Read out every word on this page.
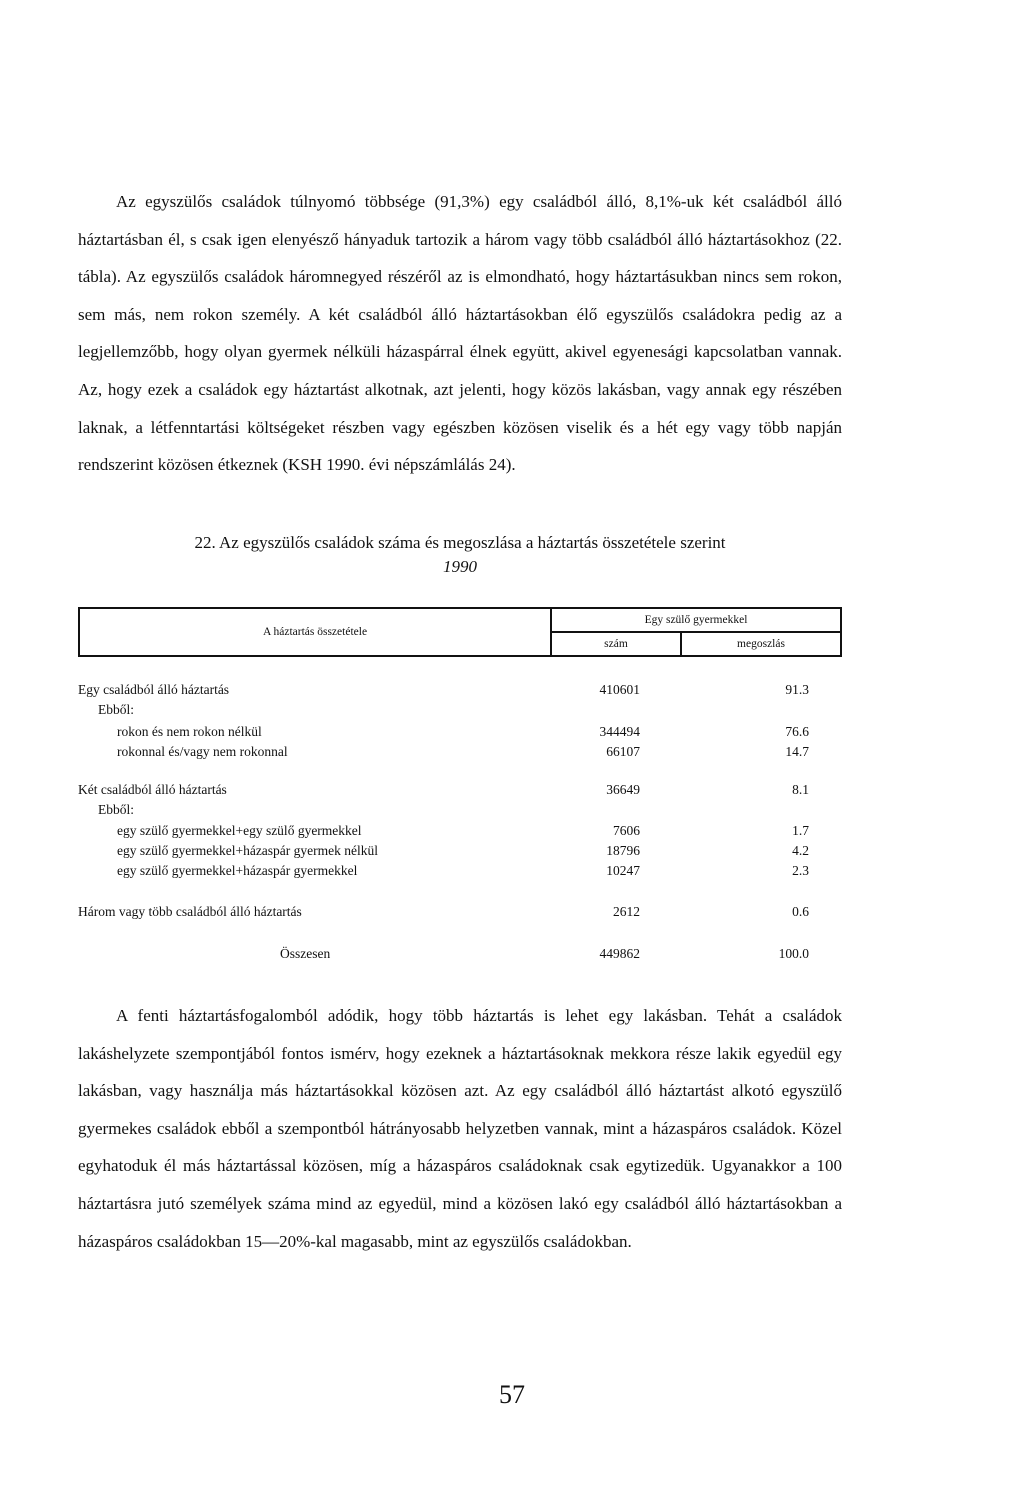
Az egyszülős családok túlnyomó többsége (91,3%) egy családból álló, 8,1%-uk két családból álló háztartásban él, s csak igen elenyésző hányaduk tartozik a három vagy több családból álló háztartásokhoz (22. tábla). Az egyszülős családok háromnegyed részéről az is elmondható, hogy háztartásukban nincs sem rokon, sem más, nem rokon személy. A két családból álló háztartásokban élő egyszülős családokra pedig az a legjellemzőbb, hogy olyan gyermek nélküli házaspárral élnek együtt, akivel egyenesági kapcsolatban vannak. Az, hogy ezek a családok egy háztartást alkotnak, azt jelenti, hogy közös lakásban, vagy annak egy részében laknak, a létfenntartási költségeket részben vagy egészben közösen viselik és a hét egy vagy több napján rendszerint közösen étkeznek (KSH 1990. évi népszámlálás 24).

22. Az egyszülős családok száma és megoszlása a háztartás összetétele szerint
1990
A háztartás összetétele
Egy szülő gyermekkel
szám	megoszlás
Egy családból álló háztartás	410601	91.3
Ebből:
rokon és nem rokon nélkül	344494	76.6
rokonnal és/vagy nem rokonnal	66107	14.7
Két családból álló háztartás	36649	8.1
Ebből:
egy szülő gyermekkel+egy szülő gyermekkel	7606	1.7
egy szülő gyermekkel+házaspár gyermek nélkül	18796	4.2
egy szülő gyermekkel+házaspár gyermekkel	10247	2.3
Három vagy több családból álló háztartás	2612	0.6
Összesen	449862	100.0

A fenti háztartásfogalomból adódik, hogy több háztartás is lehet egy lakásban. Tehát a családok lakáshelyzete szempontjából fontos ismérv, hogy ezeknek a háztartásoknak mekkora része lakik egyedül egy lakásban, vagy használja más háztartásokkal közösen azt. Az egy családból álló háztartást alkotó egyszülő gyermekes családok ebből a szempontból hátrányosabb helyzetben vannak, mint a házaspáros családok. Közel egyhatoduk él más háztartással közösen, míg a házaspáros családoknak csak egytizedük. Ugyanakkor a 100 háztartásra jutó személyek száma mind az egyedül, mind a közösen lakó egy családból álló háztartásokban a házaspáros családokban 15—20%-kal magasabb, mint az egyszülős családokban.

57
